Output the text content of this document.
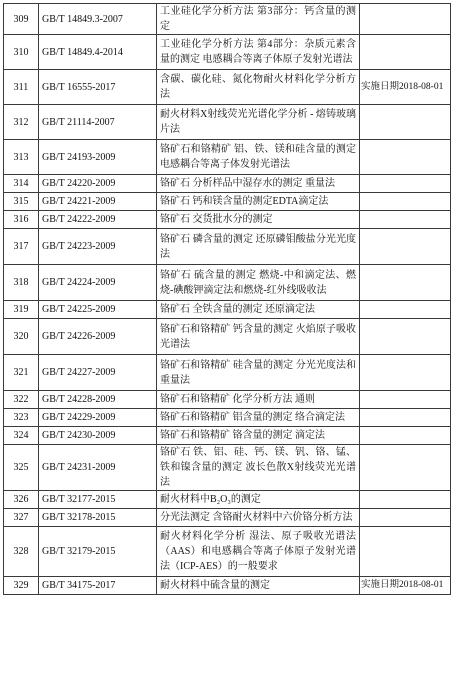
309	GB/T 14849.3-2007	工业硅化学分析方法 第3部分：钙含量的测定	
310	GB/T 14849.4-2014	工业硅化学分析方法 第4部分：杂质元素含量的测定 电感耦合等离子体原子发射光谱法	
311	GB/T 16555-2017	含碳、碳化硅、氮化物耐火材料化学分析方法	实施日期2018-08-01
312	GB/T 21114-2007	耐火材料X射线荧光光谱化学分析 - 熔铸玻璃片法	
313	GB/T 24193-2009	铬矿石和铬精矿 铝、铁、镁和硅含量的测定电感耦合等离子体发射光谱法	
314	GB/T 24220-2009	铬矿石 分析样品中湿存水的测定 重量法	
315	GB/T 24221-2009	铬矿石 钙和镁含量的测定EDTA滴定法	
316	GB/T 24222-2009	铬矿石 交货批水分的测定	
317	GB/T 24223-2009	铬矿石 磷含量的测定 还原磷钼酸盐分光光度法	
318	GB/T 24224-2009	铬矿石 硫含量的测定 燃烧-中和滴定法、燃烧-碘酸钾滴定法和燃烧-红外线吸收法	
319	GB/T 24225-2009	铬矿石 全铁含量的测定 还原滴定法	
320	GB/T 24226-2009	铬矿石和铬精矿 钙含量的测定 火焰原子吸收光谱法	
321	GB/T 24227-2009	铬矿石和铬精矿 硅含量的测定 分光光度法和重量法	
322	GB/T 24228-2009	铬矿石和铬精矿 化学分析方法 通则	
323	GB/T 24229-2009	铬矿石和铬精矿 铝含量的测定 络合滴定法	
324	GB/T 24230-2009	铬矿石和铬精矿 铬含量的测定 滴定法	
325	GB/T 24231-2009	铬矿石 铁、铝、硅、钙、镁、钒、铬、锰、铁和镍含量的测定 波长色散X射线荧光光谱法	
326	GB/T 32177-2015	耐火材料中B₂O₃的测定	
327	GB/T 32178-2015	分光法测定 含铬耐火材料中六价铬分析方法	
328	GB/T 32179-2015	耐火材料化学分析 湿法、原子吸收光谱法（AAS）和电感耦合等离子体原子发射光谱法（ICP-AES）的一般要求	
329	GB/T 34175-2017	耐火材料中硫含量的测定	实施日期2018-08-01
